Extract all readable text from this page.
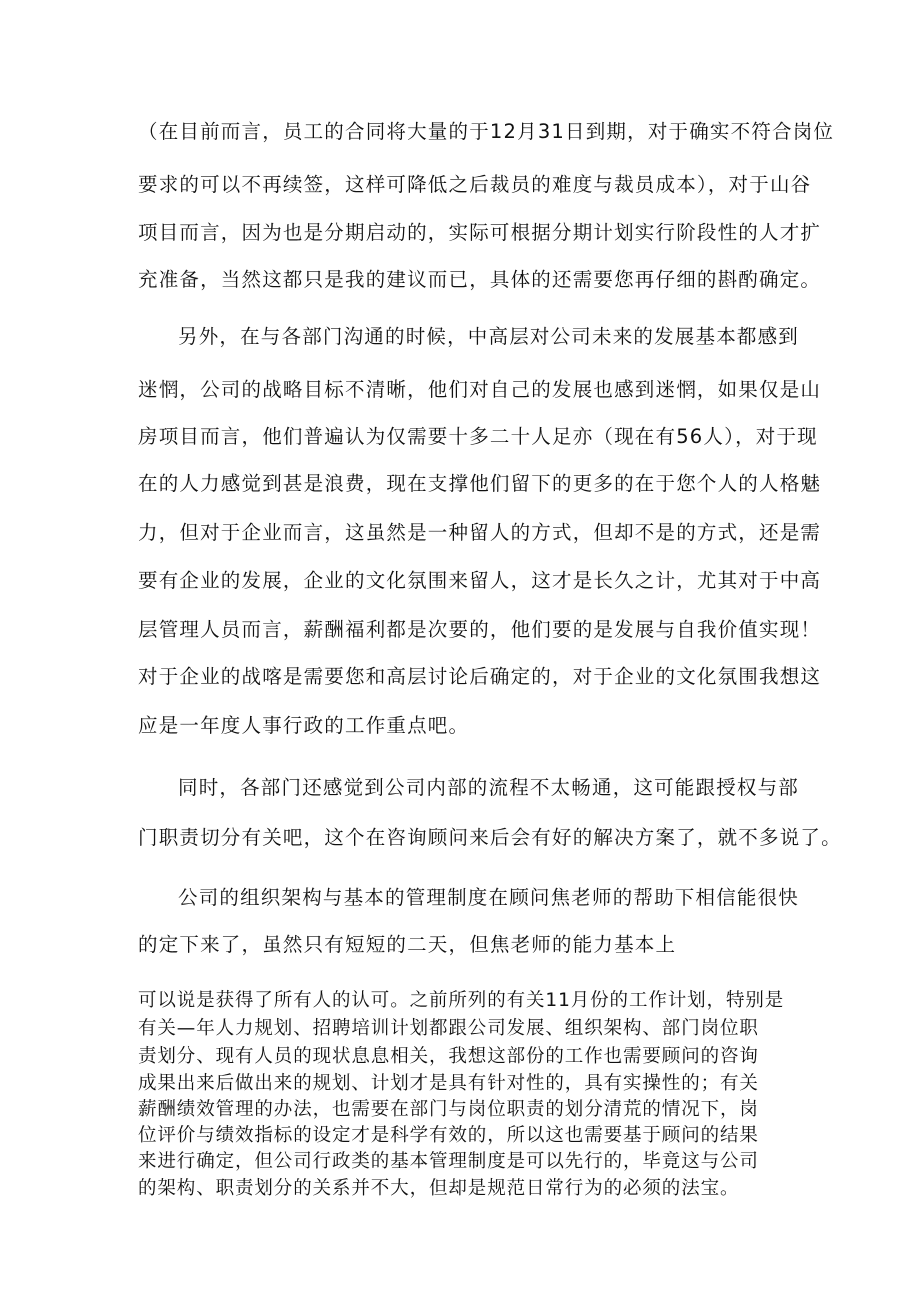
（在目前而言，员工的合同将大量的于12月31日到期，对于确实不符合岗位
要求的可以不再续签，这样可降低之后裁员的难度与裁员成本），对于山谷
项目而言，因为也是分期启动的，实际可根据分期计划实行阶段性的人才扩
充准备，当然这都只是我的建议而已，具体的还需要您再仔细的斟酌确定。
另外，在与各部门沟通的时候，中高层对公司未来的发展基本都感到
迷惘，公司的战略目标不清晰，他们对自己的发展也感到迷惘，如果仅是山
房项目而言，他们普遍认为仅需要十多二十人足亦（现在有56人），对于现
在的人力感觉到甚是浪费，现在支撑他们留下的更多的在于您个人的人格魅
力，但对于企业而言，这虽然是一种留人的方式，但却不是的方式，还是需
要有企业的发展，企业的文化氛围来留人，这才是长久之计，尤其对于中高
层管理人员而言，薪酬福利都是次要的，他们要的是发展与自我价值实现！
对于企业的战喀是需要您和高层讨论后确定的，对于企业的文化氛围我想这
应是一年度人事行政的工作重点吧。
同时，各部门还感觉到公司内部的流程不太畅通，这可能跟授权与部
门职责切分有关吧，这个在咨询顾问来后会有好的解决方案了，就不多说了。
公司的组织架构与基本的管理制度在顾问焦老师的帮助下相信能很快
的定下来了，虽然只有短短的二天，但焦老师的能力基本上
可以说是获得了所有人的认可。之前所列的有关11月份的工作计划，特别是
有关—年人力规划、招聘培训计划都跟公司发展、组织架构、部门岗位职
责划分、现有人员的现状息息相关，我想这部份的工作也需要顾问的咨询
成果出来后做出来的规划、计划才是具有针对性的，具有实操性的；有关
薪酬绩效管理的办法，也需要在部门与岗位职责的划分清荒的情况下，岗
位评价与绩效指标的设定才是科学有效的，所以这也需要基于顾问的结果
来进行确定，但公司行政类的基本管理制度是可以先行的，毕竟这与公司
的架构、职责划分的关系并不大，但却是规范日常行为的必须的法宝。
